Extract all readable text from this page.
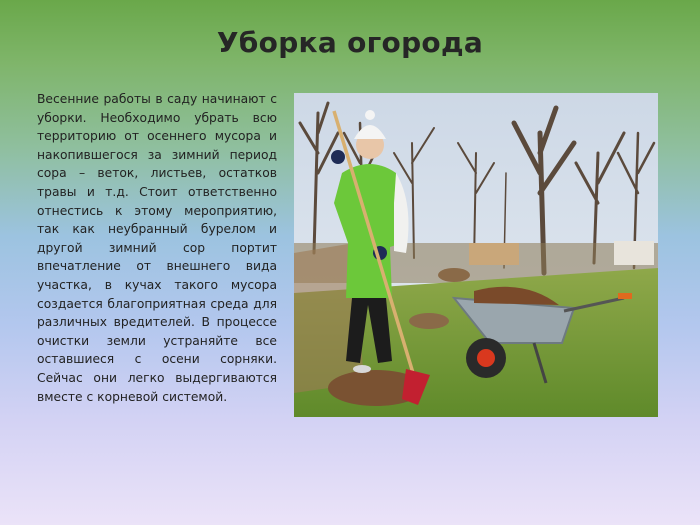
Уборка огорода
Весенние работы в саду начинают с
уборки. Необходимо убрать всю
территорию от осеннего мусора и
накопившегося за зимний период
сора – веток, листьев, остатков
травы и т.д. Стоит ответственно
отнестись к этому мероприятию,
так как неубранный бурелом и
другой зимний сор портит
впечатление от внешнего вида
участка, в кучах такого мусора
создается благоприятная среда для
различных вредителей. В процессе
очистки земли устраняйте все
оставшиеся с осени сорняки.
Сейчас они легко выдергиваются
вместе с корневой системой.
